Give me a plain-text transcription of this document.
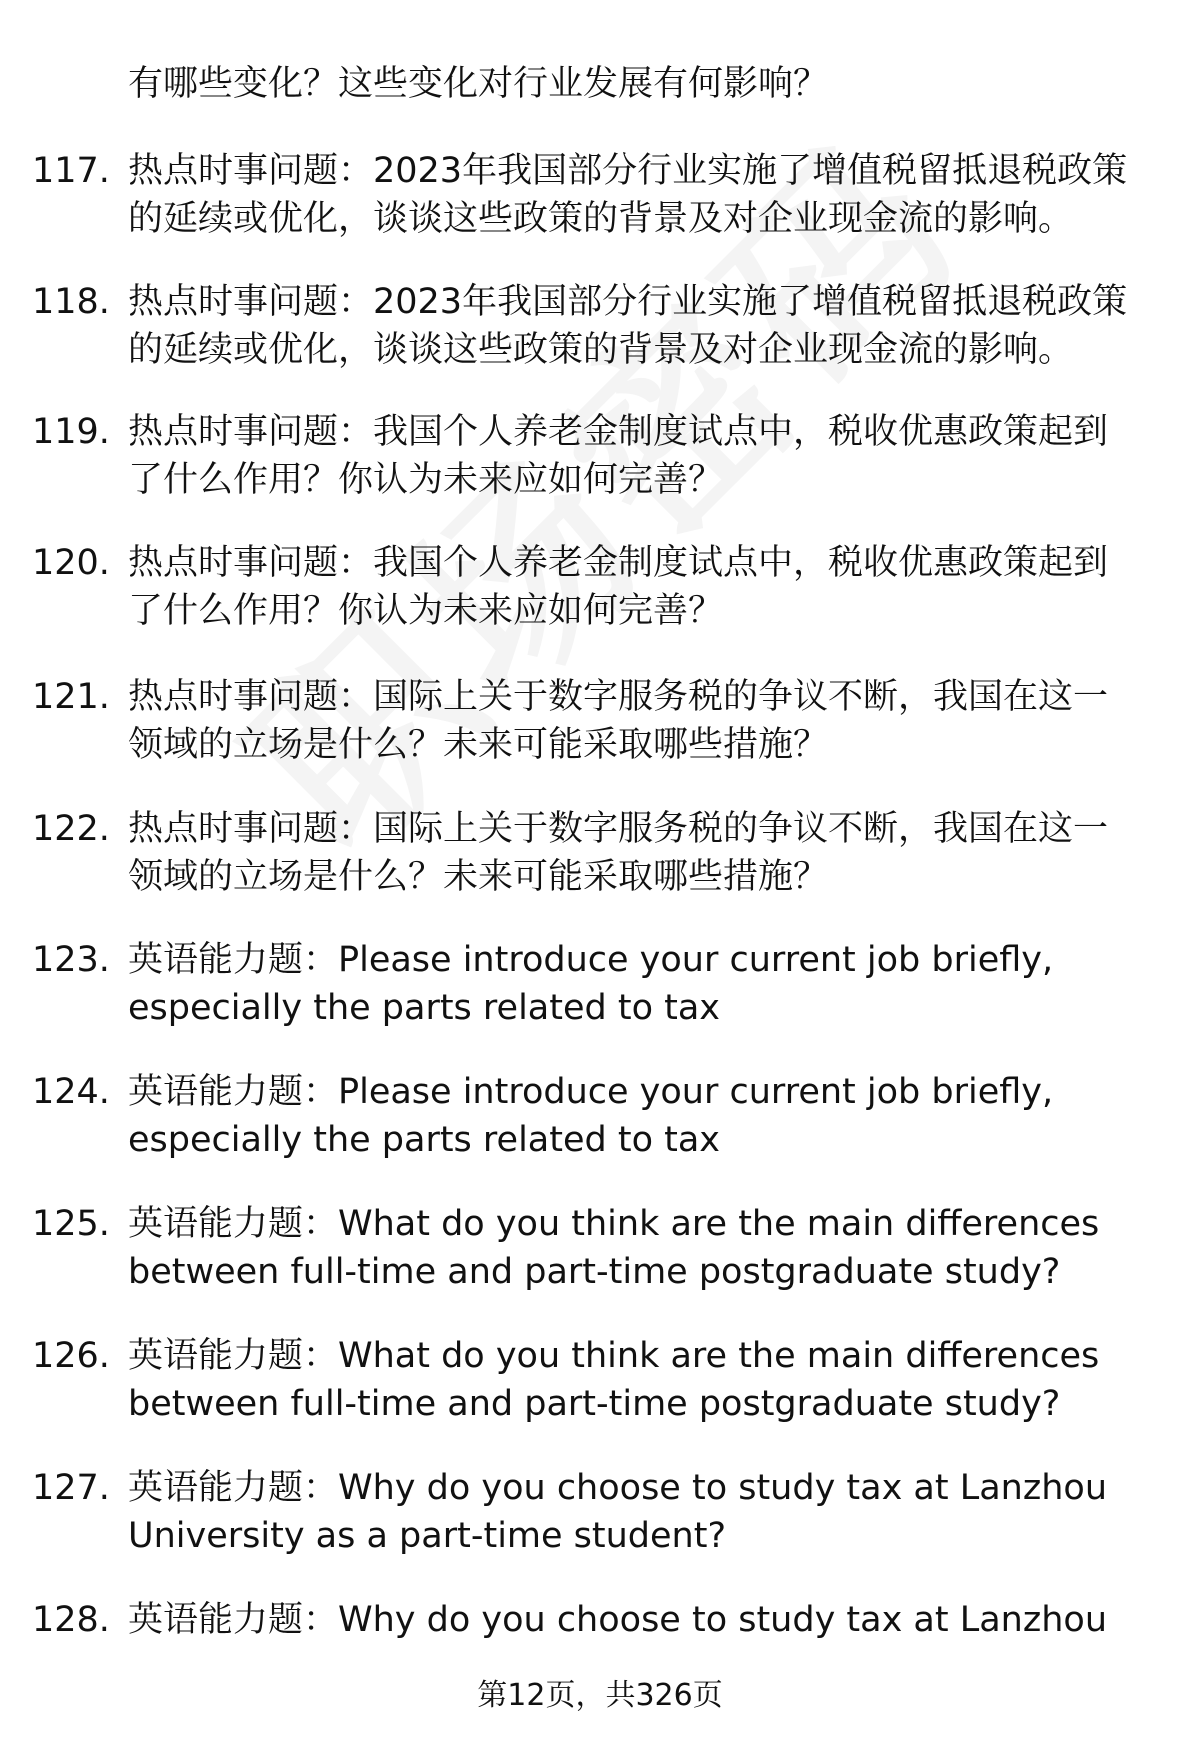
有哪些变化？这些变化对行业发展有何影响？
117. 热点时事问题：2023年我国部分行业实施了增值税留抵退税政策
的延续或优化，谈谈这些政策的背景及对企业现金流的影响。
118. 热点时事问题：2023年我国部分行业实施了增值税留抵退税政策
的延续或优化，谈谈这些政策的背景及对企业现金流的影响。
119. 热点时事问题：我国个人养老金制度试点中，税收优惠政策起到
了什么作用？你认为未来应如何完善？
120. 热点时事问题：我国个人养老金制度试点中，税收优惠政策起到
了什么作用？你认为未来应如何完善？
121. 热点时事问题：国际上关于数字服务税的争议不断，我国在这一
领域的立场是什么？未来可能采取哪些措施？
122. 热点时事问题：国际上关于数字服务税的争议不断，我国在这一
领域的立场是什么？未来可能采取哪些措施？
123. 英语能力题：Please introduce your current job briefly,
especially the parts related to tax
124. 英语能力题：Please introduce your current job briefly,
especially the parts related to tax
125. 英语能力题：What do you think are the main differences
between full-time and part-time postgraduate study?
126. 英语能力题：What do you think are the main differences
between full-time and part-time postgraduate study?
127. 英语能力题：Why do you choose to study tax at Lanzhou
University as a part-time student?
128. 英语能力题：Why do you choose to study tax at Lanzhou
第12页，共326页
